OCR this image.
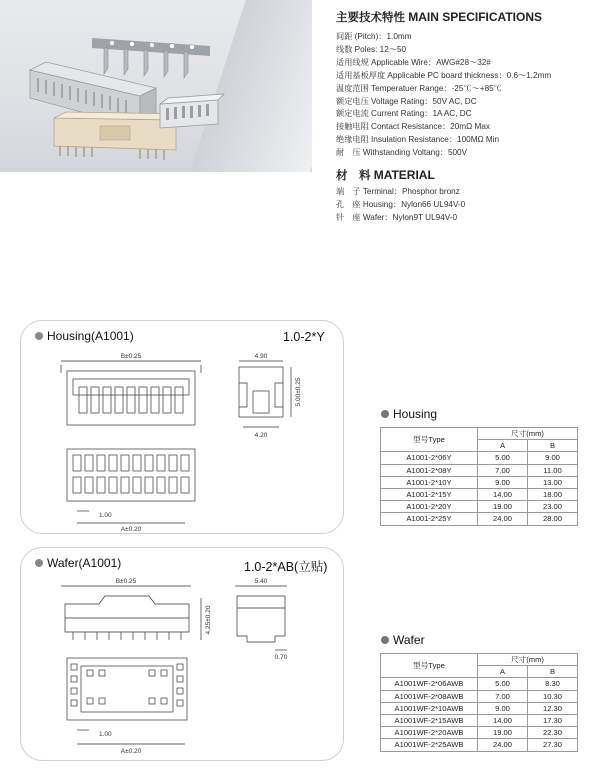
主要技术特性 MAIN SPECIFICATIONS
间距 (Pitch)：1.0mm
线数 Poles: 12～50
适用线规 Applicable Wire：AWG#28～32#
适用基板厚度 Applicable PC board thickness：0.6～1.2mm
温度范围 Temperatuer Range：-25℃～+85℃
额定电压 Voltage Rating：50V AC, DC
额定电流 Current Rating：1A AC, DC
接触电阻 Contact Resistance：20mΩ Max
绝缘电阻 Insulation Resistance：100MΩ Min
耐　压 Withstanding Voltang：500V
材　料 MATERIAL
端　子 Terminal：Phosphor bronz
孔　座 Housing：Nylon66 UL94V-0
针　座 Wafer：Nylon9T UL94V-0
Housing(A1001)	1.0-2*Y
B±0.25	4.90
5.00±0.25
4.20
1.00
A±0.20
Wafer(A1001)	1.0-2*AB(立贴)
B±0.25	5.40
4.25±0.20
0.70
1.00
A±0.20
Housing
型号Type	尺寸(mm)	
	A	B
A1001-2*06Y	5.00	9.00
A1001-2*08Y	7.00	11.00
A1001-2*10Y	9.00	13.00
A1001-2*15Y	14.00	18.00
A1001-2*20Y	19.00	23.00
A1001-2*25Y	24.00	28.00
Wafer
型号Type	尺寸(mm)	
	A	B
A1001WF-2*06AWB	5.00	8.30
A1001WF-2*08AWB	7.00	10.30
A1001WF-2*10AWB	9.00	12.30
A1001WF-2*15AWB	14.00	17.30
A1001WF-2*20AWB	19.00	22.30
A1001WF-2*25AWB	24.00	27.30
